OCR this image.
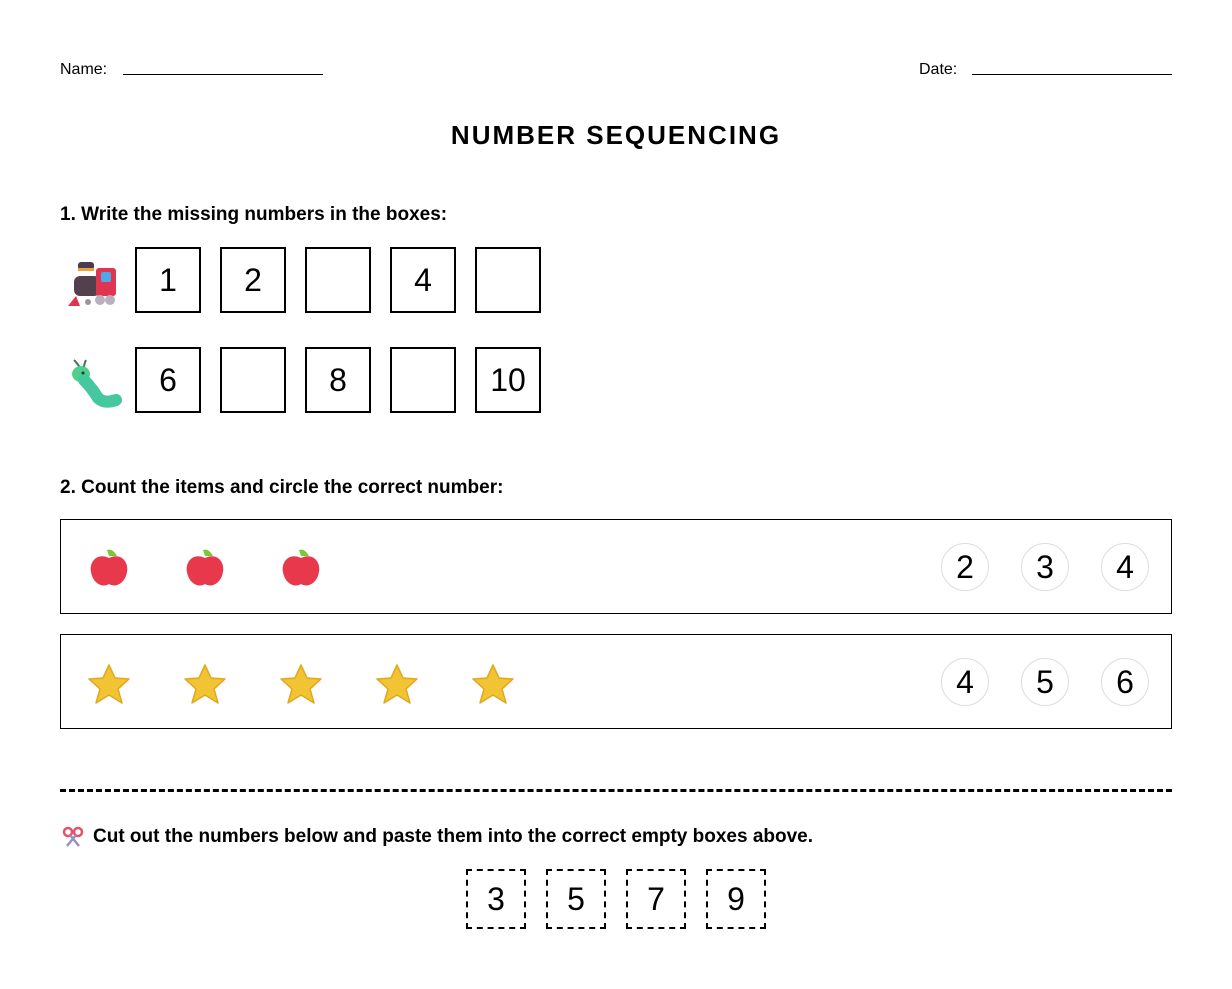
Name:	Date:
NUMBER SEQUENCING
1. Write the missing numbers in the boxes:
1	2	4
6	8	10
2. Count the items and circle the correct number:
2	3	4
4	5	6
Cut out the numbers below and paste them into the correct empty boxes above.
3	5	7	9
